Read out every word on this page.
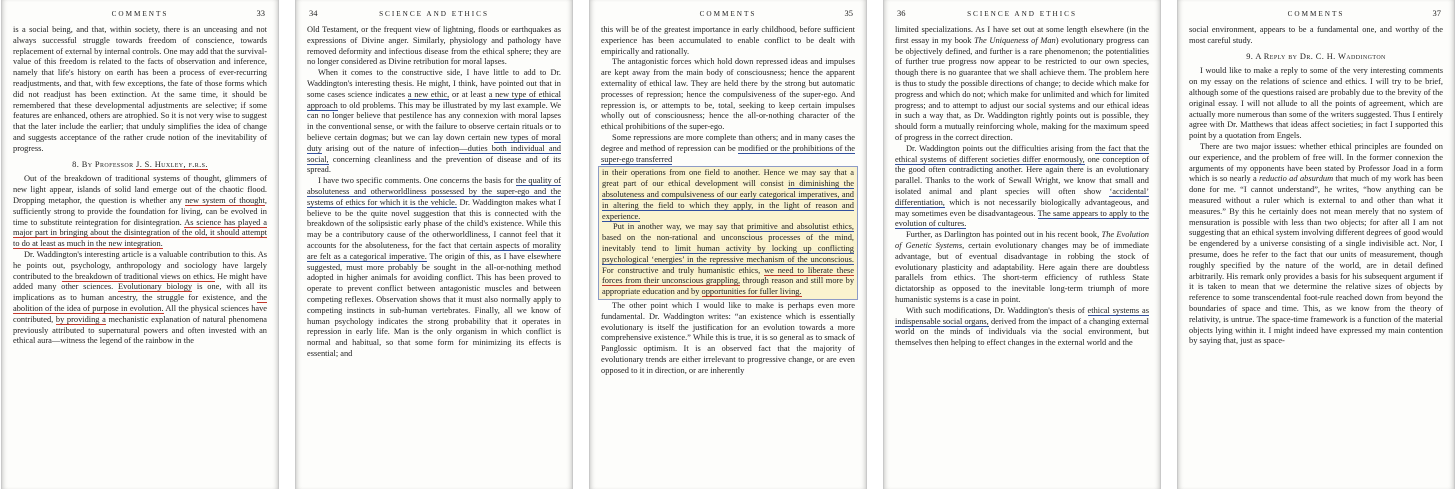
COMMENTS	33

is a social being, and that, within society, there is an unceasing and not always successful struggle towards freedom of conscience, towards replacement of external by internal controls. One may add that the survival-value of this freedom is related to the facts of observation and inference, namely that life's history on earth has been a process of ever-recurring readjustments, and that, with few exceptions, the fate of those forms which did not readjust has been extinction. At the same time, it should be remembered that these developmental adjustments are selective; if some features are enhanced, others are atrophied. So it is not very wise to suggest that the later include the earlier; that unduly simplifies the idea of change and suggests acceptance of the rather crude notion of the inevitability of progress.

8. By Professor J. S. Huxley, f.r.s.

Out of the breakdown of traditional systems of thought, glimmers of new light appear, islands of solid land emerge out of the chaotic flood. Dropping metaphor, the question is whether any new system of thought, sufficiently strong to provide the foundation for living, can be evolved in time to substitute reintegration for disintegration. As science has played a major part in bringing about the disintegration of the old, it should attempt to do at least as much in the new integration.

Dr. Waddington's interesting article is a valuable contribution to this. As he points out, psychology, anthropology and sociology have largely contributed to the breakdown of traditional views on ethics. He might have added many other sciences. Evolutionary biology is one, with all its implications as to human ancestry, the struggle for existence, and the abolition of the idea of purpose in evolution. All the physical sciences have contributed, by providing a mechanistic explanation of natural phenomena previously attributed to supernatural powers and often invested with an ethical aura—witness the legend of the rainbow in the

34	SCIENCE AND ETHICS

Old Testament, or the frequent view of lightning, floods or earthquakes as expressions of Divine anger. Similarly, physiology and pathology have removed deformity and infectious disease from the ethical sphere; they are no longer considered as Divine retribution for moral lapses.

When it comes to the constructive side, I have little to add to Dr. Waddington's interesting thesis. He might, I think, have pointed out that in some cases science indicates a new ethic, or at least a new type of ethical approach to old problems. This may be illustrated by my last example. We can no longer believe that pestilence has any connexion with moral lapses in the conventional sense, or with the failure to observe certain rituals or to believe certain dogmas; but we can lay down certain new types of moral duty arising out of the nature of infection—duties both individual and social, concerning cleanliness and the prevention of disease and of its spread.

I have two specific comments. One concerns the basis for the quality of absoluteness and otherworldliness possessed by the super-ego and the systems of ethics for which it is the vehicle. Dr. Waddington makes what I believe to be the quite novel suggestion that this is connected with the breakdown of the solipsistic early phase of the child's existence. While this may be a contributory cause of the otherworldliness, I cannot feel that it accounts for the absoluteness, for the fact that certain aspects of morality are felt as a categorical imperative. The origin of this, as I have elsewhere suggested, must more probably be sought in the all-or-nothing method adopted in higher animals for avoiding conflict. This has been proved to operate to prevent conflict between antagonistic muscles and between competing reflexes. Observation shows that it must also normally apply to competing instincts in sub-human vertebrates. Finally, all we know of human psychology indicates the strong probability that it operates in repression in early life. Man is the only organism in which conflict is normal and habitual, so that some form for minimizing its effects is essential; and

COMMENTS	35

this will be of the greatest importance in early childhood, before sufficient experience has been accumulated to enable conflict to be dealt with empirically and rationally.

The antagonistic forces which hold down repressed ideas and impulses are kept away from the main body of consciousness; hence the apparent externality of ethical law. They are held there by the strong but automatic processes of repression; hence the compulsiveness of the super-ego. And repression is, or attempts to be, total, seeking to keep certain impulses wholly out of consciousness; hence the all-or-nothing character of the ethical prohibitions of the super-ego.

Some repressions are more complete than others; and in many cases the degree and method of repression can be modified or the prohibitions of the super-ego transferred

in their operations from one field to another. Hence we may say that a great part of our ethical development will consist in diminishing the absoluteness and compulsiveness of our early categorical imperatives, and in altering the field to which they apply, in the light of reason and experience.

Put in another way, we may say that primitive and absolutist ethics, based on the non-rational and unconscious processes of the mind, inevitably tend to limit human activity by locking up conflicting psychological ‘energies’ in the repressive mechanism of the unconscious. For constructive and truly humanistic ethics, we need to liberate these forces from their unconscious grappling, through reason and still more by appropriate education and by opportunities for fuller living.

The other point which I would like to make is perhaps even more fundamental. Dr. Waddington writes: “an existence which is essentially evolutionary is itself the justification for an evolution towards a more comprehensive existence.” While this is true, it is so general as to smack of Panglossic optimism. It is an observed fact that the majority of evolutionary trends are either irrelevant to progressive change, or are even opposed to it in direction, or are inherently

36	SCIENCE AND ETHICS

limited specializations. As I have set out at some length elsewhere (in the first essay in my book The Uniqueness of Man) evolutionary progress can be objectively defined, and further is a rare phenomenon; the potentialities of further true progress now appear to be restricted to our own species, though there is no guarantee that we shall achieve them. The problem here is thus to study the possible directions of change; to decide which make for progress and which do not; which make for unlimited and which for limited progress; and to attempt to adjust our social systems and our ethical ideas in such a way that, as Dr. Waddington rightly points out is possible, they should form a mutually reinforcing whole, making for the maximum speed of progress in the correct direction.

Dr. Waddington points out the difficulties arising from the fact that the ethical systems of different societies differ enormously, one conception of the good often contradicting another. Here again there is an evolutionary parallel. Thanks to the work of Sewall Wright, we know that small and isolated animal and plant species will often show ‘accidental’ differentiation, which is not necessarily biologically advantageous, and may sometimes even be disadvantageous. The same appears to apply to the evolution of cultures.

Further, as Darlington has pointed out in his recent book, The Evolution of Genetic Systems, certain evolutionary changes may be of immediate advantage, but of eventual disadvantage in robbing the stock of evolutionary plasticity and adaptability. Here again there are doubtless parallels from ethics. The short-term efficiency of ruthless State dictatorship as opposed to the inevitable long-term triumph of more humanistic systems is a case in point.

With such modifications, Dr. Waddington's thesis of ethical systems as indispensable social organs, derived from the impact of a changing external world on the minds of individuals via the social environment, but themselves then helping to effect changes in the external world and the

COMMENTS	37

social environment, appears to be a fundamental one, and worthy of the most careful study.

9. A Reply by Dr. C. H. Waddington

I would like to make a reply to some of the very interesting comments on my essay on the relations of science and ethics. I will try to be brief, although some of the questions raised are probably due to the brevity of the original essay. I will not allude to all the points of agreement, which are actually more numerous than some of the writers suggested. Thus I entirely agree with Dr. Matthews that ideas affect societies; in fact I supported this point by a quotation from Engels.

There are two major issues: whether ethical principles are founded on our experience, and the problem of free will. In the former connexion the arguments of my opponents have been stated by Professor Joad in a form which is so nearly a reductio ad absurdum that much of my work has been done for me. “I cannot understand”, he writes, “how anything can be measured without a ruler which is external to and other than what it measures.” By this he certainly does not mean merely that no system of mensuration is possible with less than two objects; for after all I am not suggesting that an ethical system involving different degrees of good would be engendered by a universe consisting of a single indivisible act. Nor, I presume, does he refer to the fact that our units of measurement, though roughly specified by the nature of the world, are in detail defined arbitrarily. His remark only provides a basis for his subsequent argument if it is taken to mean that we determine the relative sizes of objects by reference to some transcendental foot-rule reached down from beyond the boundaries of space and time. This, as we know from the theory of relativity, is untrue. The space-time framework is a function of the material objects lying within it. I might indeed have expressed my main contention by saying that, just as space-
